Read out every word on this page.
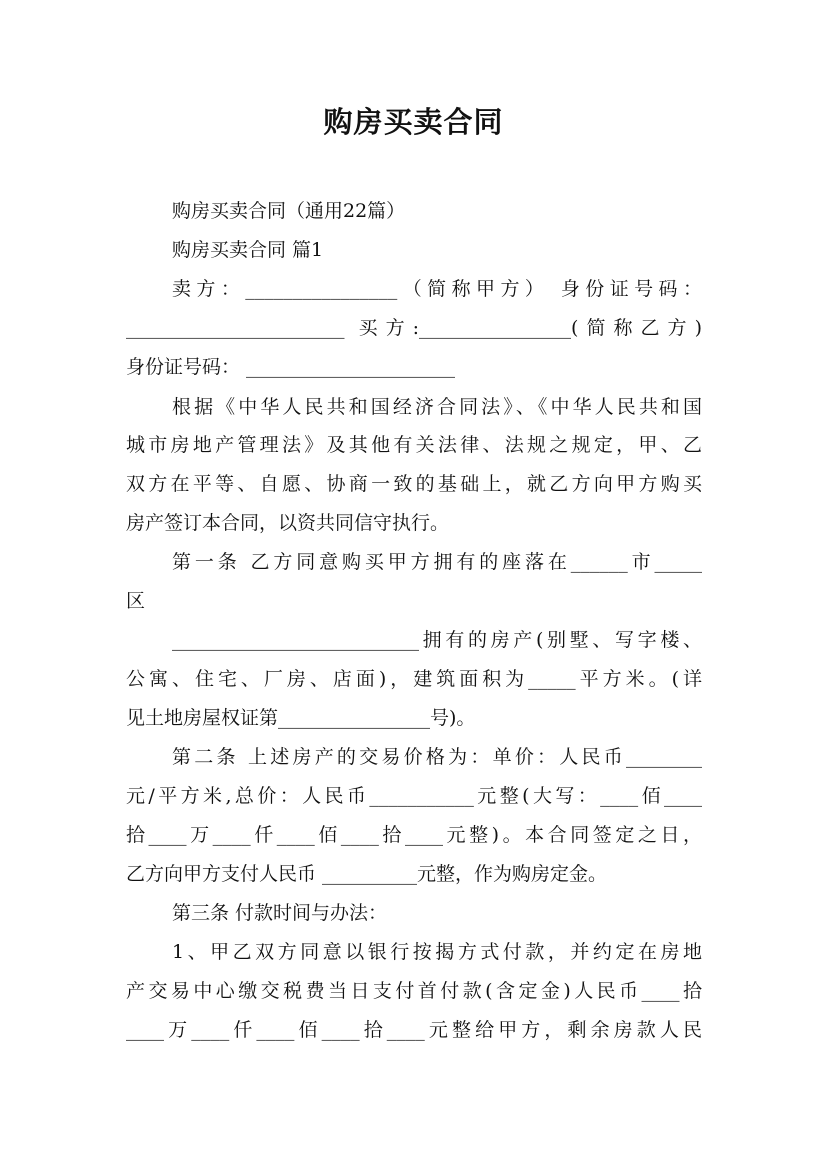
购房买卖合同
购房买卖合同（通用22篇）
购房买卖合同 篇1
卖方：________________（简称甲方） 身份证号码：
_______________________ 买方:________________(简称乙方)
身份证号码： ______________________
根据《中华人民共和国经济合同法》、《中华人民共和国
城市房地产管理法》及其他有关法律、法规之规定，甲、乙
双方在平等、自愿、协商一致的基础上，就乙方向甲方购买
房产签订本合同，以资共同信守执行。
第一条 乙方同意购买甲方拥有的座落在______市_____
区
__________________________拥有的房产(别墅、写字楼、
公寓、住宅、厂房、店面)，建筑面积为_____平方米。(详
见土地房屋权证第________________号)。
第二条 上述房产的交易价格为：单价：人民币________
元/平方米,总价：人民币___________元整(大写：____佰____
拾____万____仟____佰____拾____元整)。本合同签定之日，
乙方向甲方支付人民币 __________元整，作为购房定金。
第三条 付款时间与办法：
1、甲乙双方同意以银行按揭方式付款，并约定在房地
产交易中心缴交税费当日支付首付款(含定金)人民币____拾
____万____仟____佰____拾____元整给甲方，剩余房款人民
